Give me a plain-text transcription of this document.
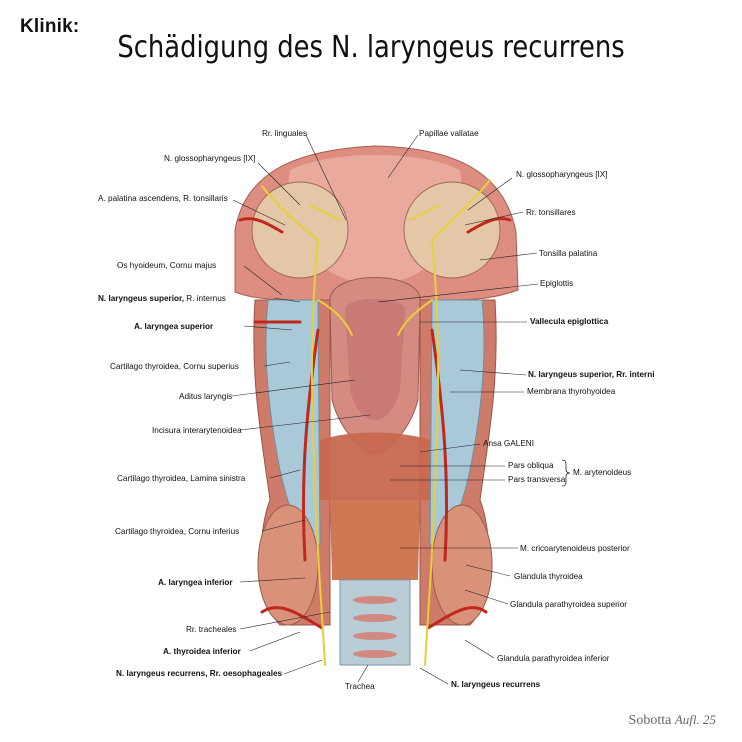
Klinik:
Schädigung des N. laryngeus recurrens
Rr. linguales	Papillae vallatae
N. glossopharyngeus [IX]
N. glossopharyngeus [IX]
A. palatina ascendens, R. tonsillaris
Rr. tonsillares
Tonsilla palatina
Os hyoideum, Cornu majus
Epiglottis
N. laryngeus superior, R. internus
Vallecula epiglottica
A. laryngea superior
Cartilago thyroidea, Cornu superius
N. laryngeus superior, Rr. interni
Aditus laryngis
Membrana thyrohyoidea
Incisura interarytenoidea
Ansa GALENI
Pars obliqua
Pars transversa
M. arytenoideus
Cartilago thyroidea, Lamina sinistra
Cartilago thyroidea, Cornu inferius
M. cricoarytenoideus posterior
A. laryngea inferior
Glandula thyroidea
Glandula parathyroidea superior
Rr. tracheales
A. thyroidea inferior
Glandula parathyroidea inferior
N. laryngeus recurrens, Rr. oesophageales
N. laryngeus recurrens
Trachea
Sobotta Aufl. 25
